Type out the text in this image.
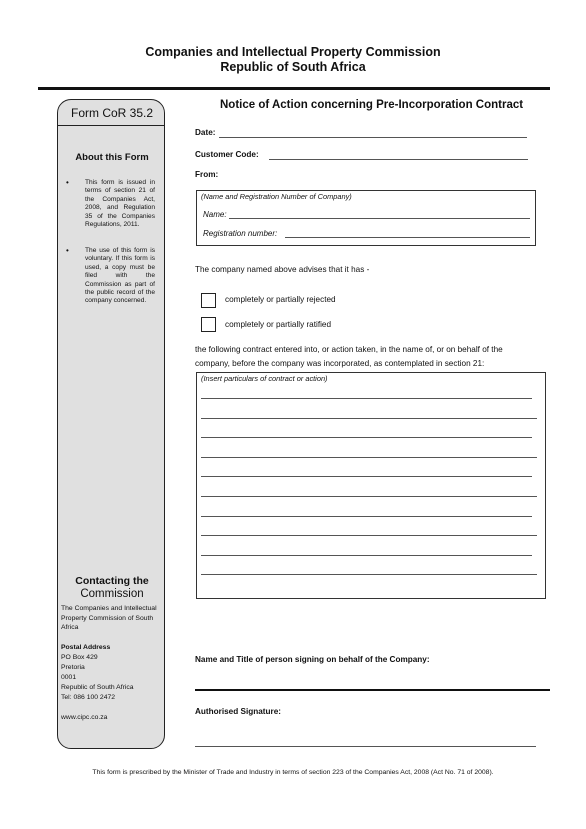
Companies and Intellectual Property Commission
Republic of South Africa
Form CoR 35.2
About this Form
• This form is issued in terms of section 21 of the Companies Act, 2008, and Regulation 35 of the Companies Regulations, 2011.
• The use of this form is voluntary. If this form is used, a copy must be filed with the Commission as part of the public record of the company concerned.
Contacting the
Commission
The Companies and Intellectual Property Commission of South Africa
Postal Address
PO Box 429
Pretoria
0001
Republic of South Africa
Tel: 086 100 2472
www.cipc.co.za
Notice of Action concerning Pre-Incorporation Contract
Date:
Customer Code:
From:
(Name and Registration Number of Company)
Name:
Registration number:
The company named above advises that it has -
completely or partially rejected
completely or partially ratified
the following contract entered into, or action taken, in the name of, or on behalf of the
company, before the company was incorporated, as contemplated in section 21:
(Insert particulars of contract or action)
Name and Title of person signing on behalf of the Company:
Authorised Signature:
This form is prescribed by the Minister of Trade and Industry in terms of section 223 of the Companies Act, 2008 (Act No. 71 of 2008).
